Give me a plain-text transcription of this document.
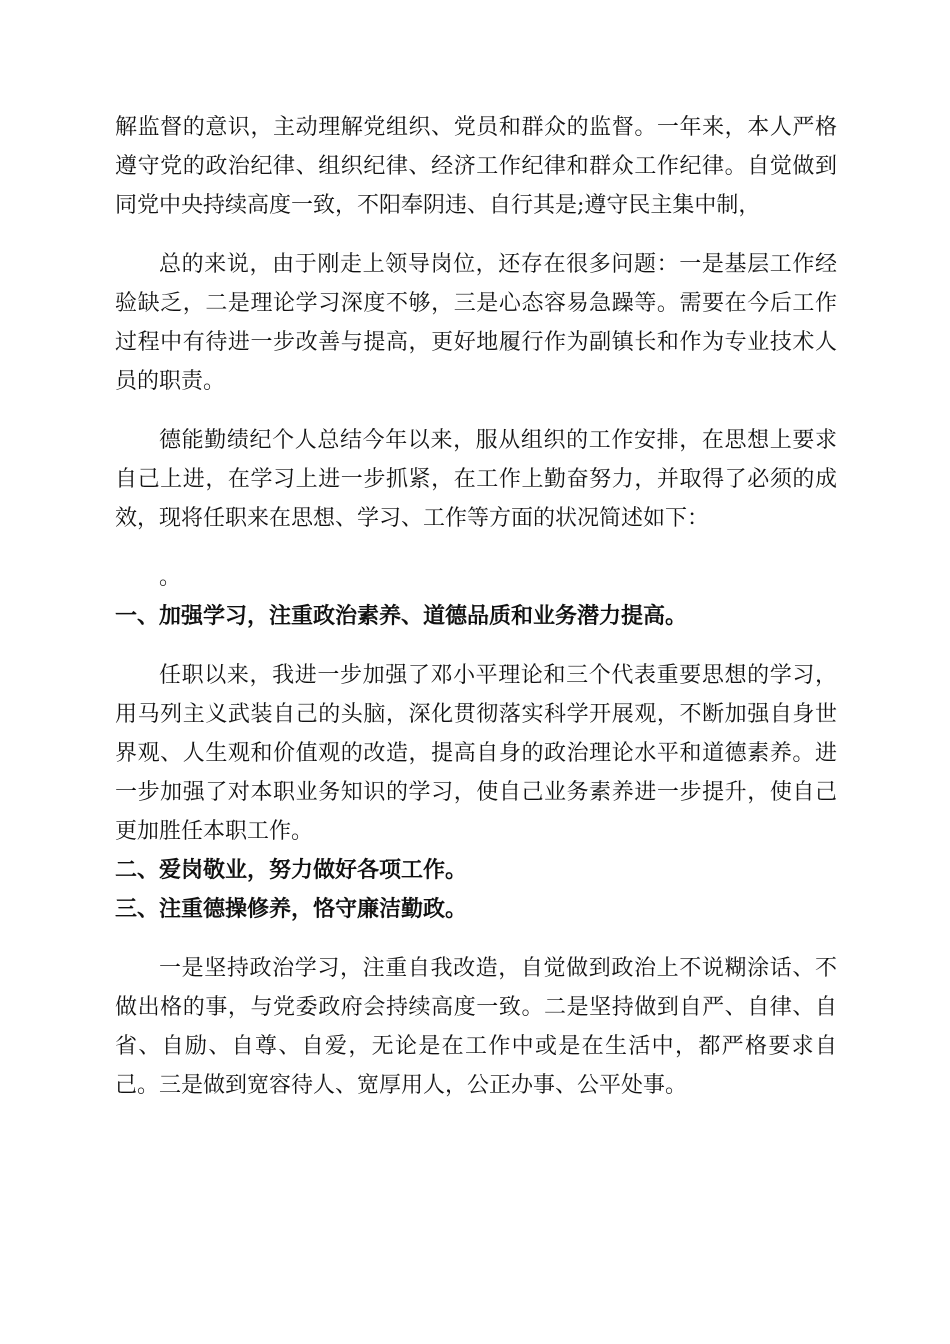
解监督的意识，主动理解党组织、党员和群众的监督。一年来，本人严格遵守党的政治纪律、组织纪律、经济工作纪律和群众工作纪律。自觉做到同党中央持续高度一致，不阳奉阴违、自行其是;遵守民主集中制，

总的来说，由于刚走上领导岗位，还存在很多问题：一是基层工作经验缺乏，二是理论学习深度不够，三是心态容易急躁等。需要在今后工作过程中有待进一步改善与提高，更好地履行作为副镇长和作为专业技术人员的职责。

德能勤绩纪个人总结今年以来，服从组织的工作安排，在思想上要求自己上进，在学习上进一步抓紧，在工作上勤奋努力，并取得了必须的成效，现将任职来在思想、学习、工作等方面的状况简述如下：

。

一、加强学习，注重政治素养、道德品质和业务潜力提高。

任职以来，我进一步加强了邓小平理论和三个代表重要思想的学习，用马列主义武装自己的头脑，深化贯彻落实科学开展观，不断加强自身世界观、人生观和价值观的改造，提高自身的政治理论水平和道德素养。进一步加强了对本职业务知识的学习，使自己业务素养进一步提升，使自己更加胜任本职工作。

二、爱岗敬业，努力做好各项工作。

三、注重德操修养，恪守廉洁勤政。

一是坚持政治学习，注重自我改造，自觉做到政治上不说糊涂话、不做出格的事，与党委政府会持续高度一致。二是坚持做到自严、自律、自省、自励、自尊、自爱，无论是在工作中或是在生活中，都严格要求自己。三是做到宽容待人、宽厚用人，公正办事、公平处事。
